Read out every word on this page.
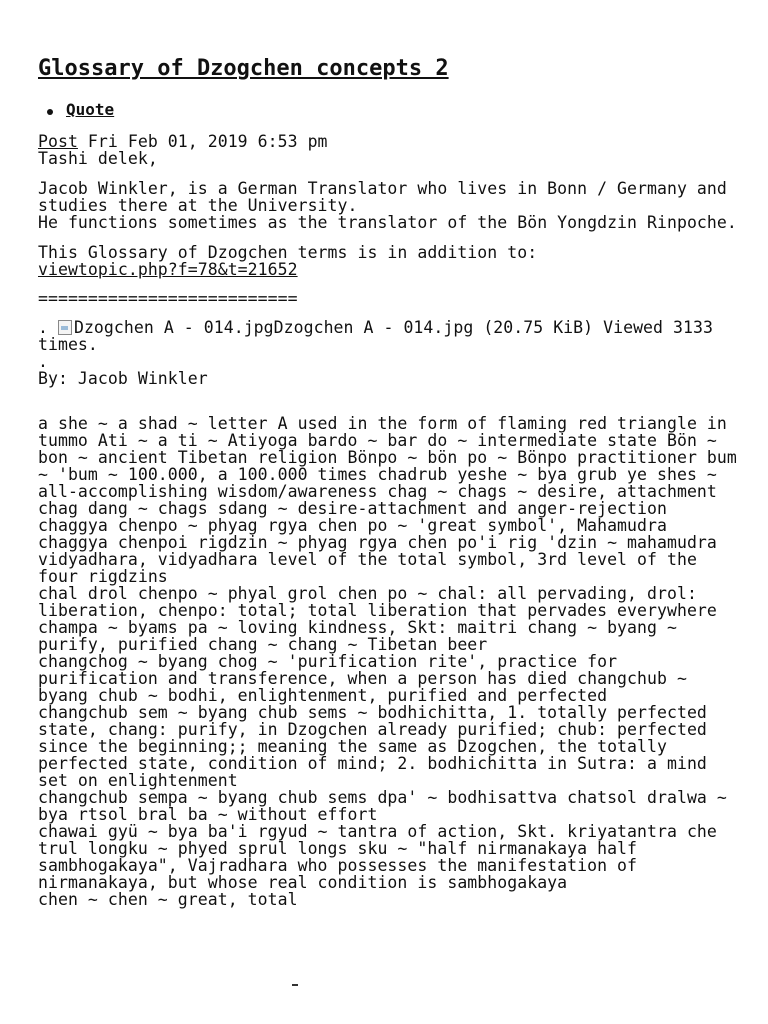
Glossary of Dzogchen concepts 2
Quote

Post Fri Feb 01, 2019 6:53 pm

Tashi delek,

Jacob Winkler, is a German Translator who lives in Bonn / Germany and studies there at the University.

He functions sometimes as the translator of the Bön Yongdzin Rinpoche.

This Glossary of Dzogchen terms is in addition to:

viewtopic.php?f=78&t=21652

==========================

. Dzogchen A - 014.jpgDzogchen A - 014.jpg (20.75 KiB) Viewed 3133 times.

.

By: Jacob Winkler

a she ~ a shad ~ letter A used in the form of flaming red triangle in tummo Ati ~ a ti ~ Atiyoga bardo ~ bar do ~ intermediate state Bön ~ bon ~ ancient Tibetan religion Bönpo ~ bön po ~ Bönpo practitioner bum ~ 'bum ~ 100.000, a 100.000 times chadrub yeshe ~ bya grub ye shes ~ all-accomplishing wisdom/awareness chag ~ chags ~ desire, attachment chag dang ~ chags sdang ~ desire-attachment and anger-rejection chaggya chenpo ~ phyag rgya chen po ~ 'great symbol', Mahamudra
chaggya chenpoi rigdzin ~ phyag rgya chen po'i rig 'dzin ~ mahamudra vidyadhara, vidyadhara level of the total symbol, 3rd level of the four rigdzins
chal drol chenpo ~ phyal grol chen po ~ chal: all pervading, drol: liberation, chenpo: total; total liberation that pervades everywhere
champa ~ byams pa ~ loving kindness, Skt: maitri chang ~ byang ~ purify, purified chang ~ chang ~ Tibetan beer
changchog ~ byang chog ~ 'purification rite', practice for purification and transference, when a person has died changchub ~ byang chub ~ bodhi, enlightenment, purified and perfected
changchub sem ~ byang chub sems ~ bodhichitta, 1. totally perfected state, chang: purify, in Dzogchen already purified; chub: perfected since the beginning;; meaning the same as Dzogchen, the totally perfected state, condition of mind; 2. bodhichitta in Sutra: a mind set on enlightenment
changchub sempa ~ byang chub sems dpa' ~ bodhisattva chatsol dralwa ~ bya rtsol bral ba ~ without effort
chawai gyü ~ bya ba'i rgyud ~ tantra of action, Skt. kriyatantra che trul longku ~ phyed sprul longs sku ~ "half nirmanakaya half sambhogakaya", Vajradhara who possesses the manifestation of nirmanakaya, but whose real condition is sambhogakaya
chen ~ chen ~ great, total
